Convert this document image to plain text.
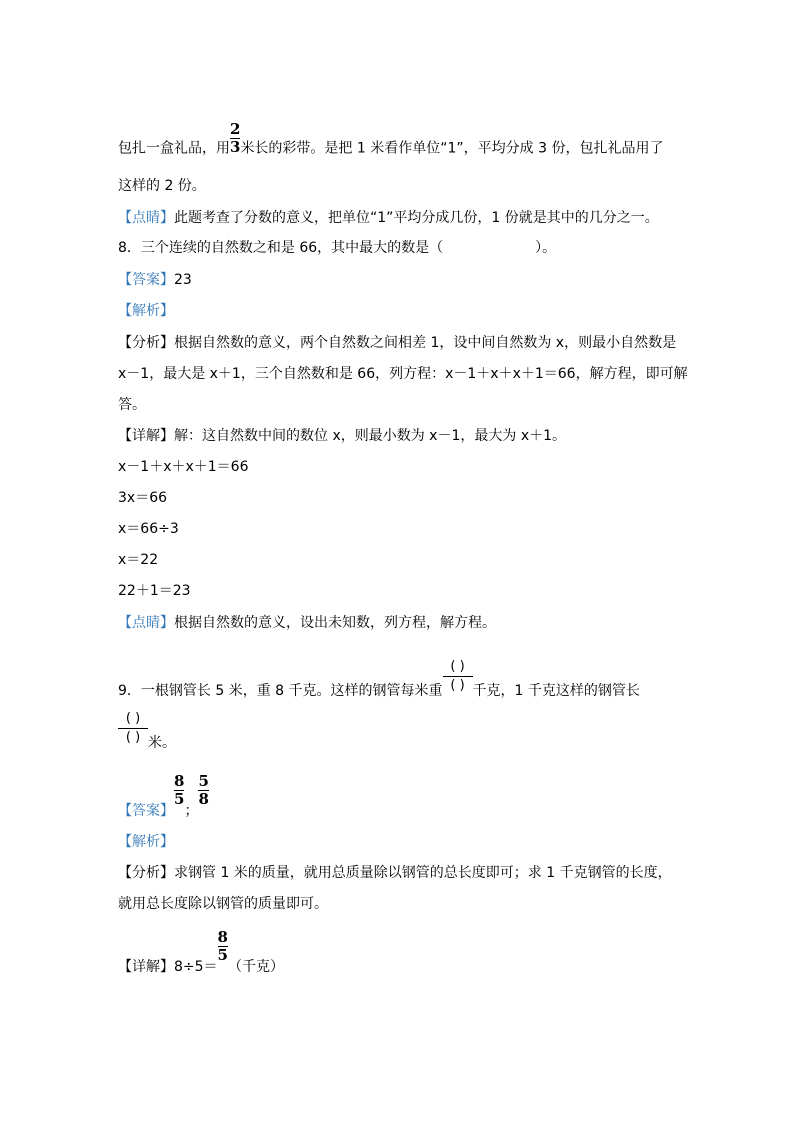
包扎一盒礼品，用 $\frac{2}{3}$ 米长的彩带。是把 1 米看作单位“1”，平均分成 3 份，包扎礼品用了
这样的 2 份。
【点睛】此题考查了分数的意义，把单位“1”平均分成几份，1 份就是其中的几分之一。
8．三个连续的自然数之和是 66，其中最大的数是（	）。
【答案】23
【解析】
【分析】根据自然数的意义，两个自然数之间相差 1，设中间自然数为 x，则最小自然数是
x－1，最大是 x＋1，三个自然数和是 66，列方程：x－1＋x＋x＋1＝66，解方程，即可解
答。
【详解】解：这自然数中间的数位 x，则最小数为 x－1，最大为 x＋1。
x－1＋x＋x＋1＝66
3x＝66
x＝66÷3
x＝22
22＋1＝23
【点睛】根据自然数的意义，设出未知数，列方程，解方程。
9．一根钢管长 5 米，重 8 千克。这样的钢管每米重 $\frac{( )}{( )}$ 千克，1 千克这样的钢管长
$\frac{( )}{( )}$ 米。
【答案】
$\frac{8}{5}$
；
$\frac{5}{8}$
【解析】
【分析】求钢管 1 米的质量，就用总质量除以钢管的总长度即可；求 1 千克钢管的长度，
就用总长度除以钢管的质量即可。
【详解】8÷5＝
$\frac{8}{5}$
（千克）
